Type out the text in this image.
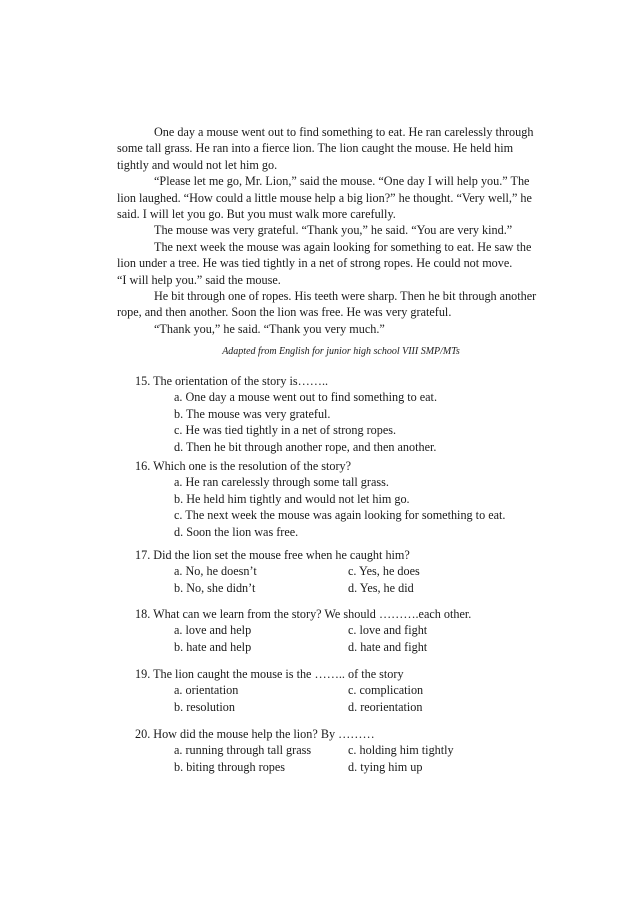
One day a mouse went out to find something to eat. He ran carelessly through some tall grass. He ran into a fierce lion. The lion caught the mouse. He held him tightly and would not let him go.

“Please let me go, Mr. Lion,” said the mouse. “One day I will help you.” The lion laughed. “How could a little mouse help a big lion?” he thought. “Very well,” he said. I will let you go. But you must walk more carefully.

The mouse was very grateful. “Thank you,” he said. “You are very kind.”

The next week the mouse was again looking for something to eat. He saw the lion under a tree. He was tied tightly in a net of strong ropes. He could not move.

“I will help you.” said the mouse.

He bit through one of ropes. His teeth were sharp. Then he bit through another rope, and then another. Soon the lion was free. He was very grateful.

“Thank you,” he said. “Thank you very much.”

Adapted from English for junior high school VIII SMP/MTs

15. The orientation of the story is……..

a. One day a mouse went out to find something to eat.

b. The mouse was very grateful.

c. He was tied tightly in a net of strong ropes.

d. Then he bit through another rope, and then another.

16. Which one is the resolution of the story?

a. He ran carelessly through some tall grass.

b. He held him tightly and would not let him go.

c. The next week the mouse was again looking for something to eat.

d. Soon the lion was free.

17. Did the lion set the mouse free when he caught him?

a. No, he doesn’t	c. Yes, he does
b. No, she didn’t	d. Yes, he did

18. What can we learn from the story? We should ……….each other.

a. love and help	c. love and fight
b. hate and help	d. hate and fight

19. The lion caught the mouse is the …….. of the story

a. orientation	c. complication
b. resolution	d. reorientation

20. How did the mouse help the lion? By ………

a. running through tall grass	c. holding him tightly
b. biting through ropes	d. tying him up
